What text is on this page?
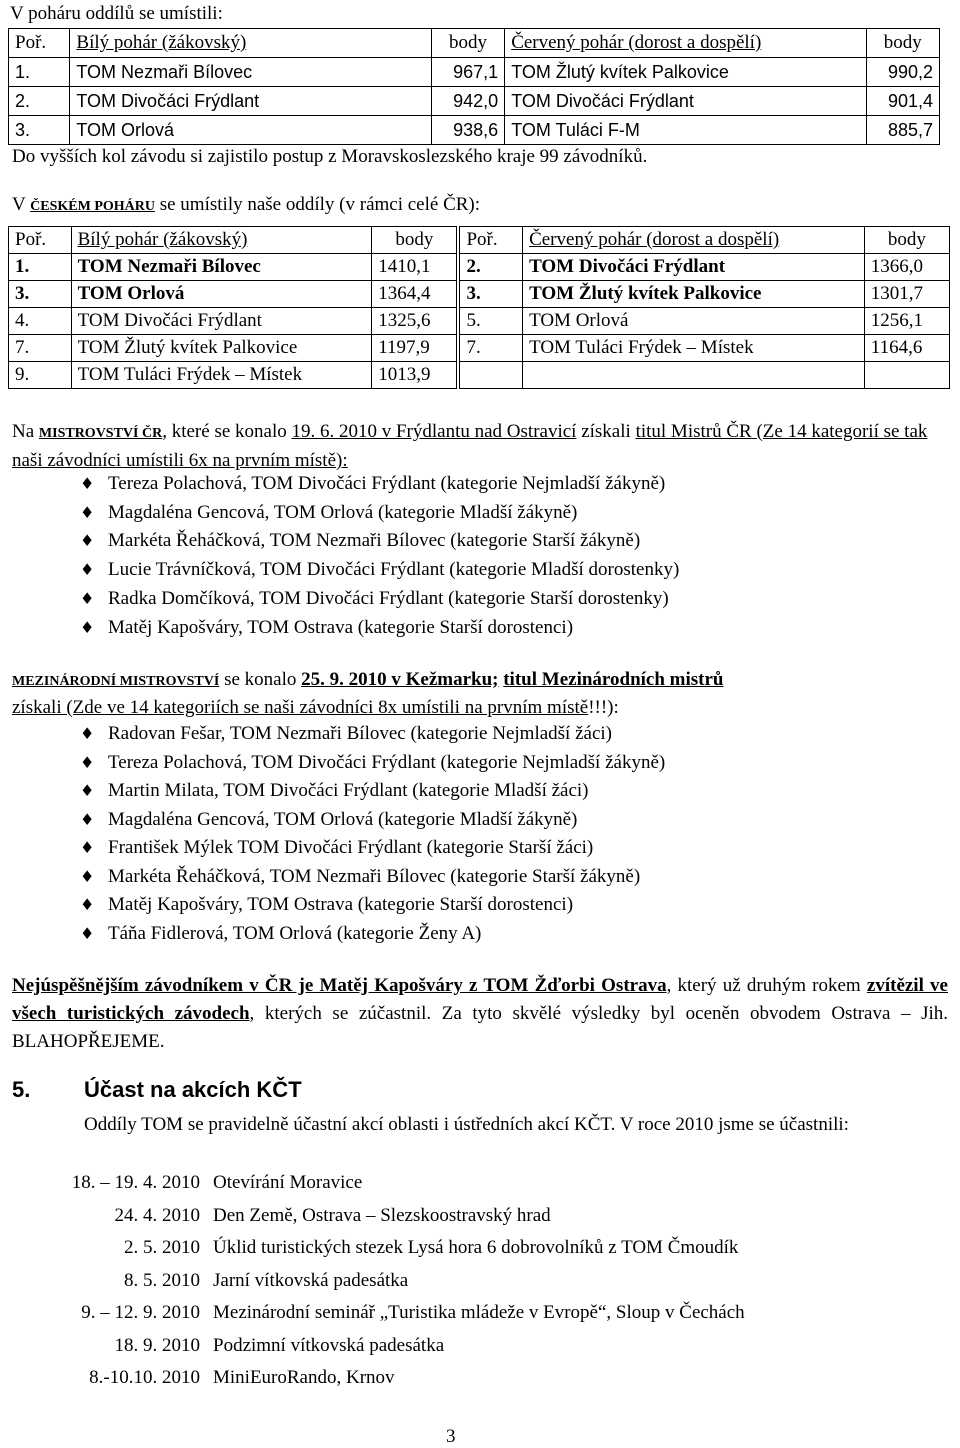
V poháru oddílů se umístili:
Poř.	Bílý pohár (žákovský)	body	Červený pohár (dorost a dospělí)	body
1.	TOM Nezmaři Bílovec	967,1	TOM Žlutý kvítek Palkovice	990,2
2.	TOM Divočáci Frýdlant	942,0	TOM Divočáci Frýdlant	901,4
3.	TOM Orlová	938,6	TOM Tuláci F-M	885,7

Do vyšších kol závodu si zajistilo postup z Moravskoslezského kraje 99 závodníků.

V ČESKÉM POHÁRU se umístily naše oddíly (v rámci celé ČR):

Poř.	Bílý pohár (žákovský)	body	Poř.	Červený pohár (dorost a dospělí)	body
1.	TOM Nezmaři Bílovec	1410,1	2.	TOM Divočáci Frýdlant	1366,0
3.	TOM Orlová	1364,4	3.	TOM Žlutý kvítek Palkovice	1301,7
4.	TOM Divočáci Frýdlant	1325,6	5.	TOM Orlová	1256,1
7.	TOM Žlutý kvítek Palkovice	1197,9	7.	TOM Tuláci Frýdek – Místek	1164,6
9.	TOM Tuláci Frýdek – Místek	1013,9			

Na MISTROVSTVÍ ČR, které se konalo 19. 6. 2010 v Frýdlantu nad Ostravicí získali titul Mistrů ČR (Ze 14 kategorií se tak naši závodníci umístili 6x na prvním místě):

♦ Tereza Polachová, TOM Divočáci Frýdlant (kategorie Nejmladší žákyně)
♦ Magdaléna Gencová, TOM Orlová (kategorie Mladší žákyně)
♦ Markéta Řeháčková, TOM Nezmaři Bílovec (kategorie Starší žákyně)
♦ Lucie Trávníčková, TOM Divočáci Frýdlant (kategorie Mladší dorostenky)
♦ Radka Domčíková, TOM Divočáci Frýdlant (kategorie Starší dorostenky)
♦ Matěj Kapošváry, TOM Ostrava (kategorie Starší dorostenci)

MEZINÁRODNÍ MISTROVSTVÍ se konalo 25. 9. 2010 v Kežmarku; titul Mezinárodních mistrů
získali (Zde ve 14 kategoriích se naši závodníci 8x umístili na prvním místě!!!):

♦ Radovan Fešar, TOM Nezmaři Bílovec (kategorie Nejmladší žáci)
♦ Tereza Polachová, TOM Divočáci Frýdlant (kategorie Nejmladší žákyně)
♦ Martin Milata, TOM Divočáci Frýdlant (kategorie Mladší žáci)
♦ Magdaléna Gencová, TOM Orlová (kategorie Mladší žákyně)
♦ František Mýlek TOM Divočáci Frýdlant (kategorie Starší žáci)
♦ Markéta Řeháčková, TOM Nezmaři Bílovec (kategorie Starší žákyně)
♦ Matěj Kapošváry, TOM Ostrava (kategorie Starší dorostenci)
♦ Táňa Fidlerová, TOM Orlová (kategorie Ženy A)

Nejúspěšnějším závodníkem v ČR je Matěj Kapošváry z TOM Žďorbi Ostrava, který už druhým rokem zvítězil ve všech turistických závodech, kterých se zúčastnil. Za tyto skvělé výsledky byl oceněn obvodem Ostrava – Jih. BLAHOPŘEJEME.

5. Účast na akcích KČT

Oddíly TOM se pravidelně účastní akcí oblasti i ústředních akcí KČT. V roce 2010 jsme se účastnili:

18. – 19. 4. 2010 Otevírání Moravice
24. 4. 2010 Den Země, Ostrava – Slezskoostravský hrad
2. 5. 2010 Úklid turistických stezek Lysá hora 6 dobrovolníků z TOM Čmoudík
8. 5. 2010 Jarní vítkovská padesátka
9. – 12. 9. 2010 Mezinárodní seminář „Turistika mládeže v Evropě“, Sloup v Čechách
18. 9. 2010 Podzimní vítkovská padesátka
8.-10.10. 2010 MiniEuroRando, Krnov
3
